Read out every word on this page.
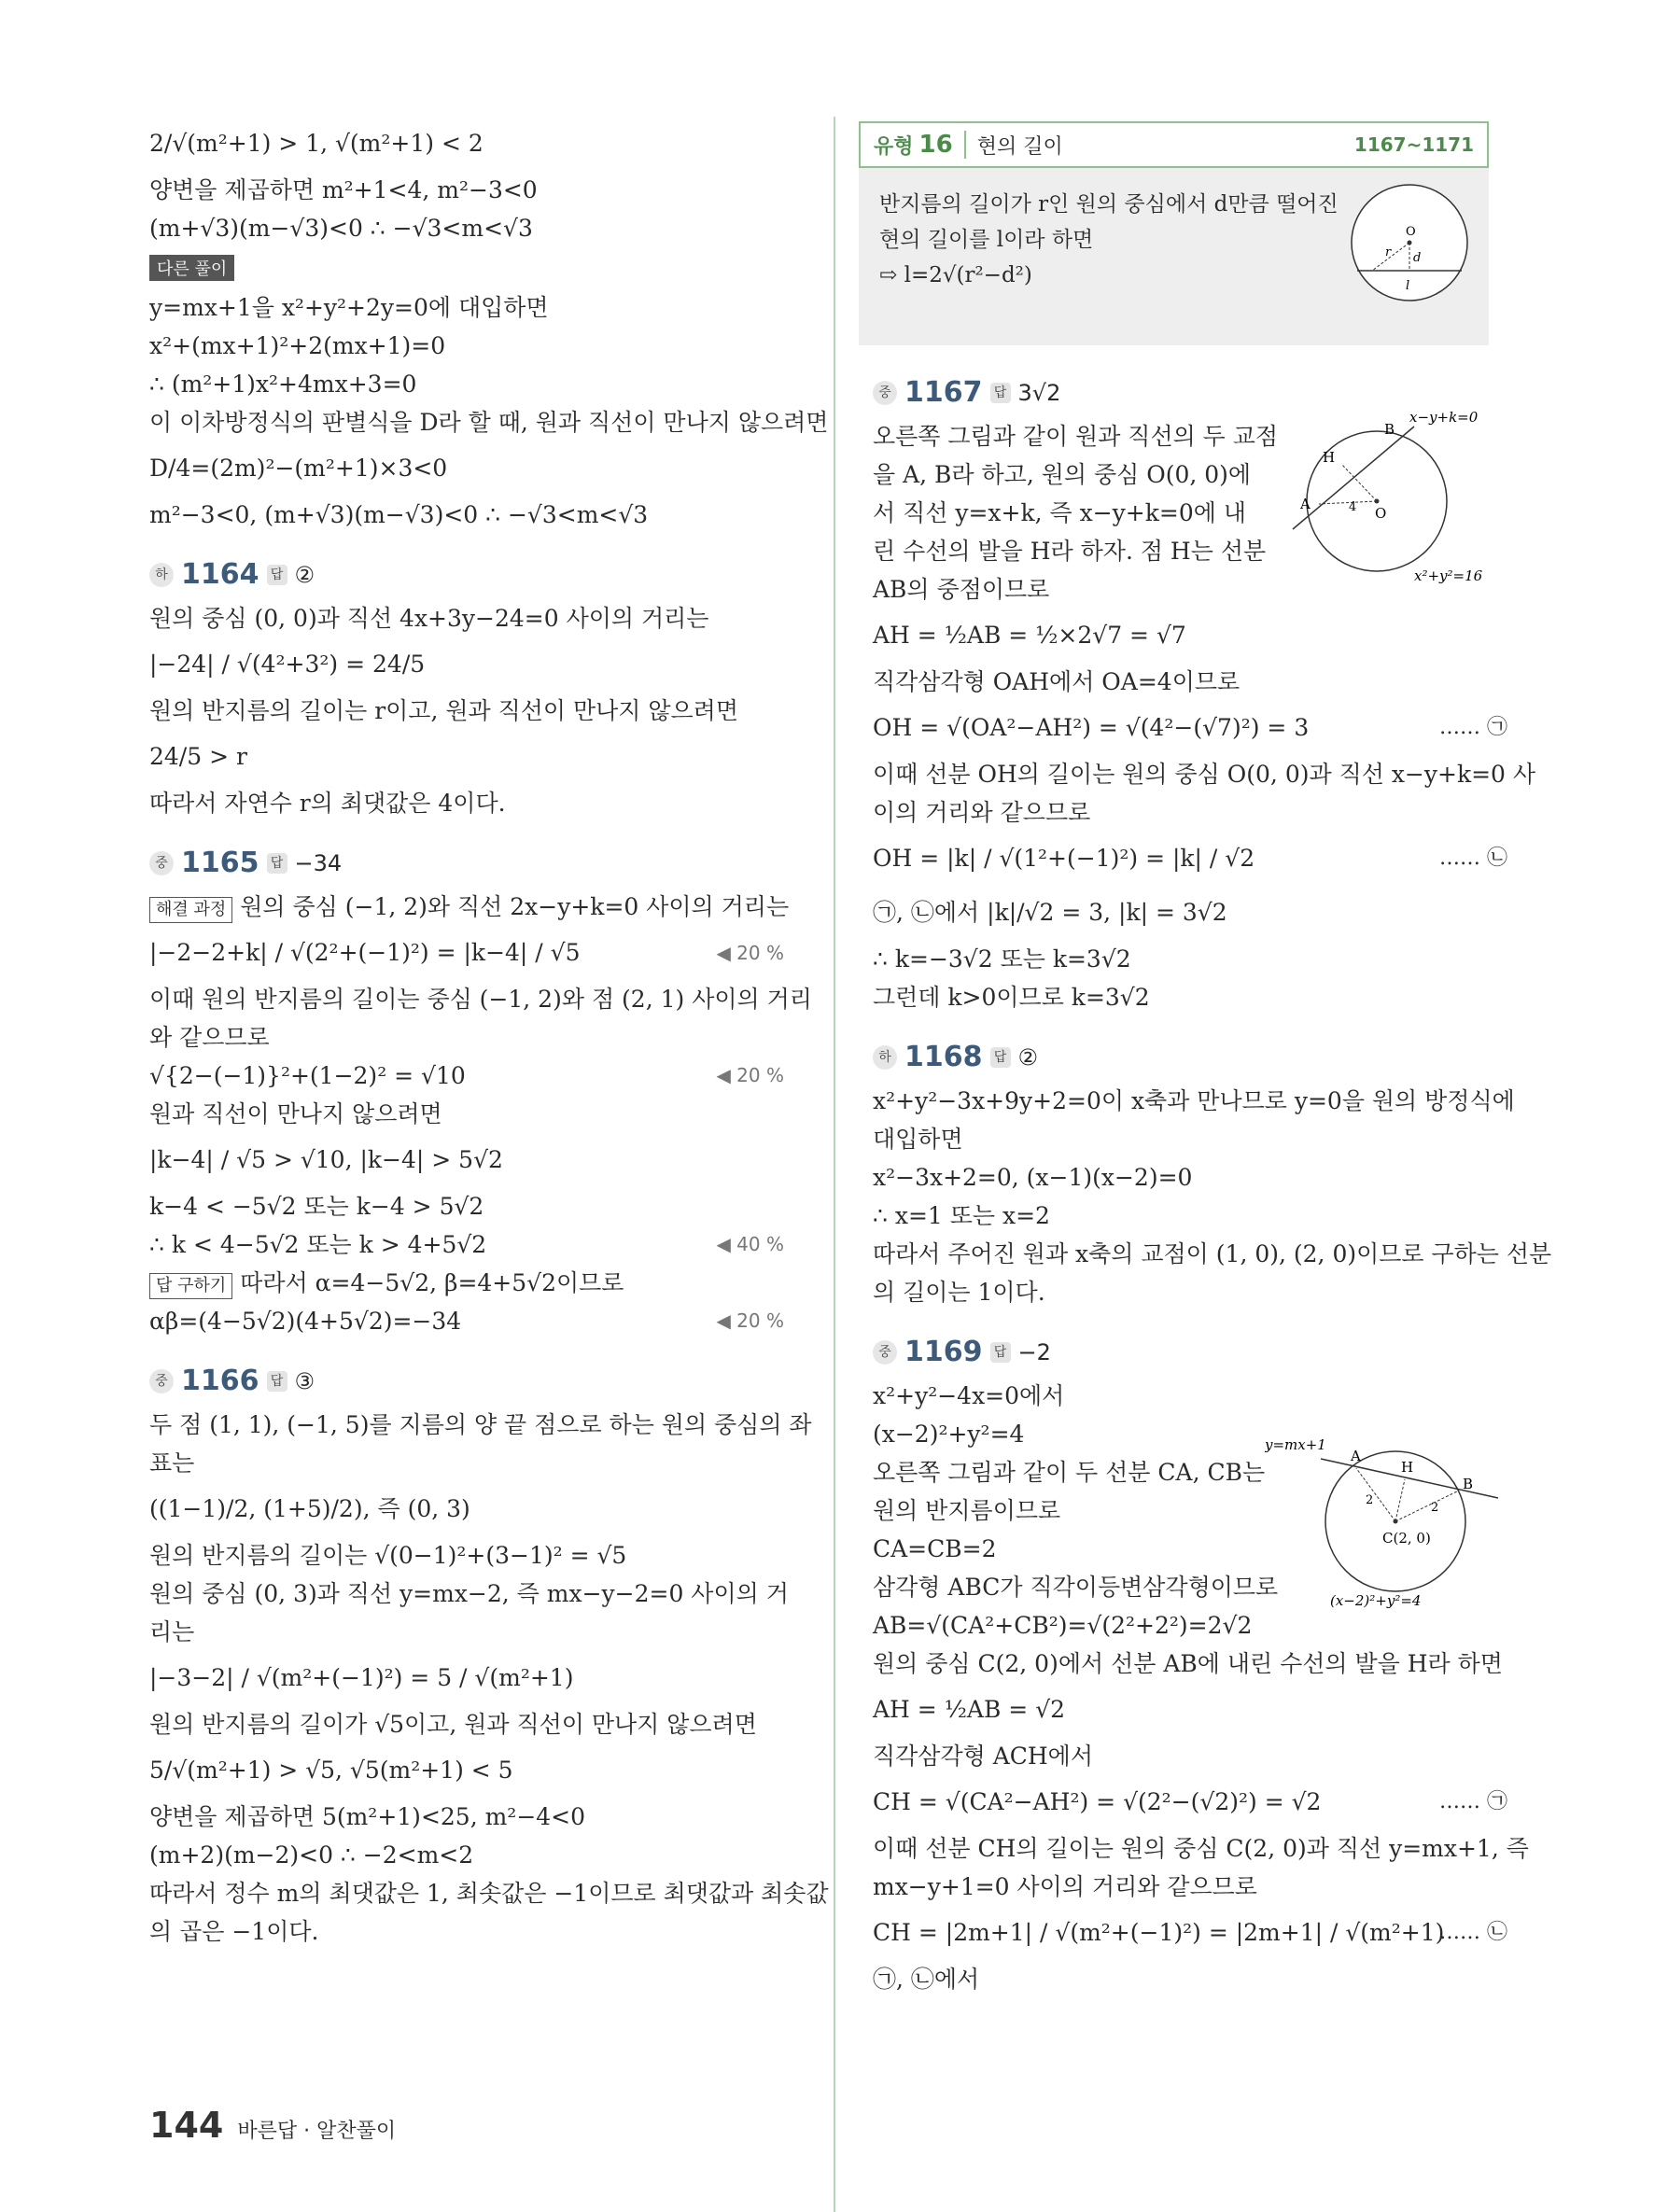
2/√(m²+1) > 1, √(m²+1) < 2
양변을 제곱하면 m²+1<4, m²−3<0
(m+√3)(m−√3)<0 ∴ −√3<m<√3
다른 풀이
y=mx+1을 x²+y²+2y=0에 대입하면
x²+(mx+1)²+2(mx+1)=0
∴ (m²+1)x²+4mx+3=0
이 이차방정식의 판별식을 D라 할 때, 원과 직선이 만나지 않으려면
D/4=(2m)²−(m²+1)×3<0
m²−3<0, (m+√3)(m−√3)<0 ∴ −√3<m<√3
하 1164 답 ②
원의 중심 (0, 0)과 직선 4x+3y−24=0 사이의 거리는
|−24| / √(4²+3²) = 24/5
원의 반지름의 길이는 r이고, 원과 직선이 만나지 않으려면
24/5 > r
따라서 자연수 r의 최댓값은 4이다.
중 1165 답 −34
해결 과정 원의 중심 (−1, 2)와 직선 2x−y+k=0 사이의 거리는
|−2−2+k| / √(2²+(−1)²) = |k−4| / √5	◀ 20 %
이때 원의 반지름의 길이는 중심 (−1, 2)와 점 (2, 1) 사이의 거리
와 같으므로
√{2−(−1)}²+(1−2)² = √10	◀ 20 %
원과 직선이 만나지 않으려면
|k−4| / √5 > √10, |k−4| > 5√2
k−4 < −5√2 또는 k−4 > 5√2
∴ k < 4−5√2 또는 k > 4+5√2	◀ 40 %
답 구하기 따라서 α=4−5√2, β=4+5√2이므로
αβ=(4−5√2)(4+5√2)=−34	◀ 20 %
중 1166 답 ③
두 점 (1, 1), (−1, 5)를 지름의 양 끝 점으로 하는 원의 중심의 좌
표는
((1−1)/2, (1+5)/2), 즉 (0, 3)
원의 반지름의 길이는 √(0−1)²+(3−1)² = √5
원의 중심 (0, 3)과 직선 y=mx−2, 즉 mx−y−2=0 사이의 거
리는
|−3−2| / √(m²+(−1)²) = 5 / √(m²+1)
원의 반지름의 길이가 √5이고, 원과 직선이 만나지 않으려면
5/√(m²+1) > √5, √5(m²+1) < 5
양변을 제곱하면 5(m²+1)<25, m²−4<0
(m+2)(m−2)<0 ∴ −2<m<2
따라서 정수 m의 최댓값은 1, 최솟값은 −1이므로 최댓값과 최솟값
의 곱은 −1이다.
유형 16 현의 길이	1167~1171
반지름의 길이가 r인 원의 중심에서 d만큼 떨어진
현의 길이를 l이라 하면
⇨ l=2√(r²−d²)
O
r d
l
중 1167 답 3√2
오른쪽 그림과 같이 원과 직선의 두 교점
을 A, B라 하고, 원의 중심 O(0, 0)에
서 직선 y=x+k, 즉 x−y+k=0에 내
린 수선의 발을 H라 하자. 점 H는 선분
AB의 중점이므로
x−y+k=0
B
H
A
O
4
x²+y²=16
AH = ½AB = ½×2√7 = √7
직각삼각형 OAH에서 OA=4이므로
OH = √(OA²−AH²) = √(4²−(√7)²) = 3	…… ㉠
이때 선분 OH의 길이는 원의 중심 O(0, 0)과 직선 x−y+k=0 사
이의 거리와 같으므로
OH = |k| / √(1²+(−1)²) = |k| / √2	…… ㉡
㉠, ㉡에서 |k|/√2 = 3, |k| = 3√2
∴ k=−3√2 또는 k=3√2
그런데 k>0이므로 k=3√2
하 1168 답 ②
x²+y²−3x+9y+2=0이 x축과 만나므로 y=0을 원의 방정식에
대입하면
x²−3x+2=0, (x−1)(x−2)=0
∴ x=1 또는 x=2
따라서 주어진 원과 x축의 교점이 (1, 0), (2, 0)이므로 구하는 선분
의 길이는 1이다.
중 1169 답 −2
x²+y²−4x=0에서
(x−2)²+y²=4
오른쪽 그림과 같이 두 선분 CA, CB는
원의 반지름이므로
CA=CB=2
삼각형 ABC가 직각이등변삼각형이므로
AB=√(CA²+CB²)=√(2²+2²)=2√2
y=mx+1
A
H
B
2
2
C(2, 0)
(x−2)²+y²=4
원의 중심 C(2, 0)에서 선분 AB에 내린 수선의 발을 H라 하면
AH = ½AB = √2
직각삼각형 ACH에서
CH = √(CA²−AH²) = √(2²−(√2)²) = √2	…… ㉠
이때 선분 CH의 길이는 원의 중심 C(2, 0)과 직선 y=mx+1, 즉
mx−y+1=0 사이의 거리와 같으므로
CH = |2m+1| / √(m²+(−1)²) = |2m+1| / √(m²+1)
…… ㉡
㉠, ㉡에서
144 바른답 · 알찬풀이
